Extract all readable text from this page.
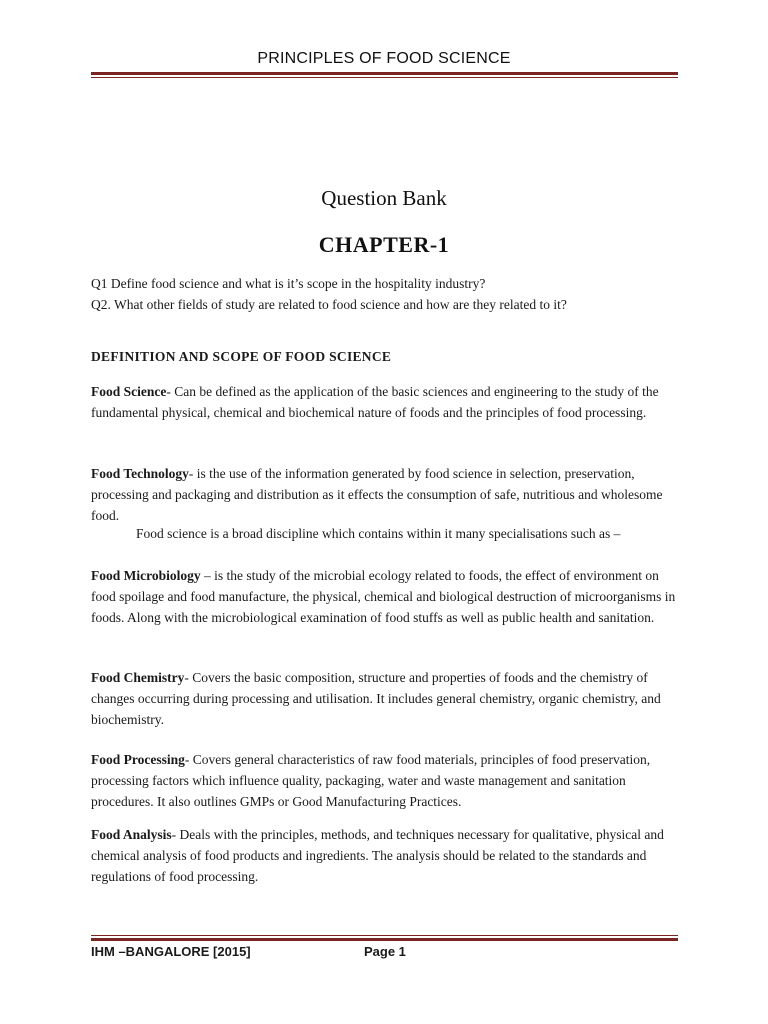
PRINCIPLES OF FOOD SCIENCE
Question Bank
CHAPTER-1
Q1 Define food science and what is it’s scope in the hospitality industry?
Q2. What other fields of study are related to food science and how are they related to it?
DEFINITION AND SCOPE OF FOOD SCIENCE
Food Science- Can be defined as the application of the basic sciences and engineering to the study of the fundamental physical, chemical and biochemical nature of foods and the principles of food processing.
Food Technology- is the use of the information generated by food science in selection, preservation, processing and packaging and distribution as it effects the consumption of safe, nutritious and wholesome food.
Food science is a broad discipline which contains within it many specialisations such as –
Food Microbiology – is the study of the microbial ecology related to foods, the effect of environment on food spoilage and food manufacture, the physical, chemical and biological destruction of microorganisms in foods. Along with the microbiological examination of food stuffs as well as public health and sanitation.
Food Chemistry- Covers the basic composition, structure and properties of foods and the chemistry of changes occurring during processing and utilisation. It includes general chemistry, organic chemistry, and biochemistry.
Food Processing- Covers general characteristics of raw food materials, principles of food preservation, processing factors which influence quality, packaging, water and waste management and sanitation procedures. It also outlines GMPs or Good Manufacturing Practices.
Food Analysis- Deals with the principles, methods, and techniques necessary for qualitative, physical and chemical analysis of food products and ingredients. The analysis should be related to the standards and regulations of food processing.
IHM –BANGALORE [2015]	Page 1
